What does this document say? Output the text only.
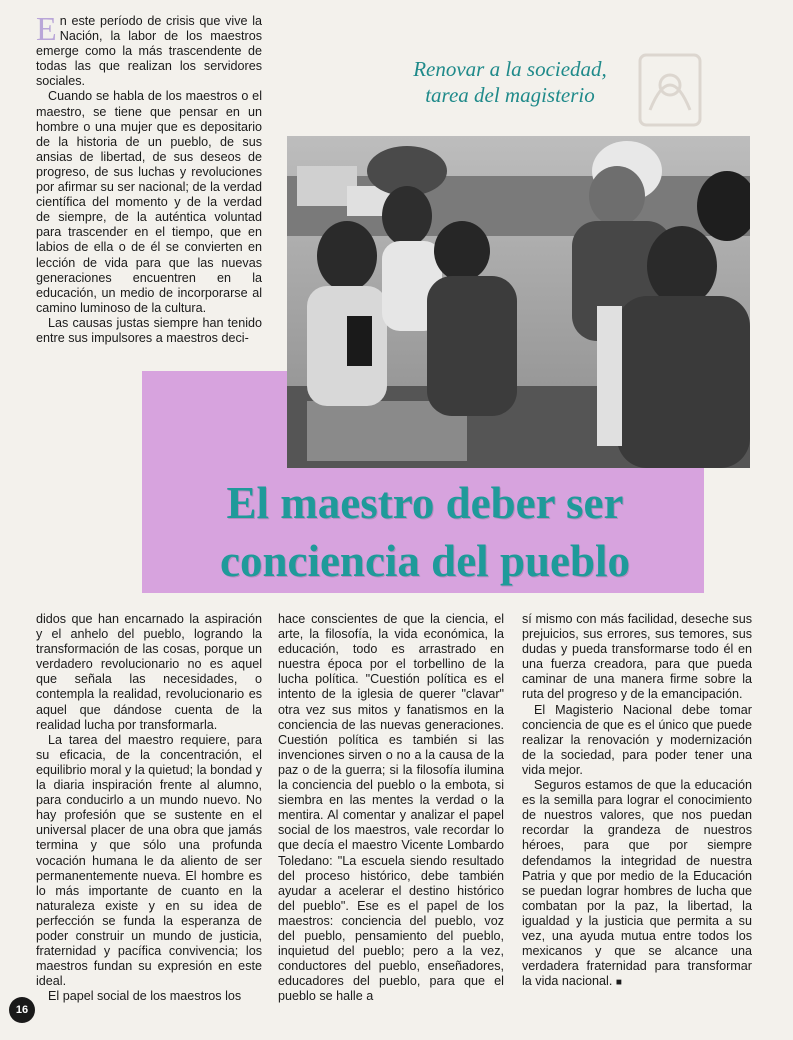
Renovar a la sociedad,
tarea del magisterio
El maestro deber ser
conciencia del pueblo

En este período de crisis que vive la Nación, la labor de los maestros emerge como la más trascendente de todas las que realizan los servidores sociales.

Cuando se habla de los maestros o el maestro, se tiene que pensar en un hombre o una mujer que es depositario de la historia de un pueblo, de sus ansias de libertad, de sus deseos de progreso, de sus luchas y revoluciones por afirmar su ser nacional; de la verdad científica del momento y de la verdad de siempre, de la auténtica voluntad para trascender en el tiempo, que en labios de ella o de él se convierten en lección de vida para que las nuevas generaciones encuentren en la educación, un medio de incorporarse al camino luminoso de la cultura.

Las causas justas siempre han tenido entre sus impulsores a maestros deci-

didos que han encarnado la aspiración y el anhelo del pueblo, logrando la transformación de las cosas, porque un verdadero revolucionario no es aquel que señala las necesidades, o contempla la realidad, revolucionario es aquel que dándose cuenta de la realidad lucha por transformarla.

La tarea del maestro requiere, para su eficacia, de la concentración, el equilibrio moral y la quietud; la bondad y la diaria inspiración frente al alumno, para conducirlo a un mundo nuevo. No hay profesión que se sustente en el universal placer de una obra que jamás termina y que sólo una profunda vocación humana le da aliento de ser permanentemente nueva. El hombre es lo más importante de cuanto en la naturaleza existe y en su idea de perfección se funda la esperanza de poder construir un mundo de justicia, fraternidad y pacífica convivencia; los maestros fundan su expresión en este ideal.

El papel social de los maestros los

hace conscientes de que la ciencia, el arte, la filosofía, la vida económica, la educación, todo es arrastrado en nuestra época por el torbellino de la lucha política. "Cuestión política es el intento de la iglesia de querer "clavar" otra vez sus mitos y fanatismos en la conciencia de las nuevas generaciones. Cuestión política es también si las invenciones sirven o no a la causa de la paz o de la guerra; si la filosofía ilumina la conciencia del pueblo o la embota, si siembra en las mentes la verdad o la mentira. Al comentar y analizar el papel social de los maestros, vale recordar lo que decía el maestro Vicente Lombardo Toledano: "La escuela siendo resultado del proceso histórico, debe también ayudar a acelerar el destino histórico del pueblo". Ese es el papel de los maestros: conciencia del pueblo, voz del pueblo, pensamiento del pueblo, inquietud del pueblo; pero a la vez, conductores del pueblo, enseñadores, educadores del pueblo, para que el pueblo se halle a

sí mismo con más facilidad, deseche sus prejuicios, sus errores, sus temores, sus dudas y pueda transformarse todo él en una fuerza creadora, para que pueda caminar de una manera firme sobre la ruta del progreso y de la emancipación.

El Magisterio Nacional debe tomar conciencia de que es el único que puede realizar la renovación y modernización de la sociedad, para poder tener una vida mejor.

Seguros estamos de que la educación es la semilla para lograr el conocimiento de nuestros valores, que nos puedan recordar la grandeza de nuestros héroes, para que por siempre defendamos la integridad de nuestra Patria y que por medio de la Educación se puedan lograr hombres de lucha que combatan por la paz, la libertad, la igualdad y la justicia que permita a su vez, una ayuda mutua entre todos los mexicanos y que se alcance una verdadera fraternidad para transformar la vida nacional. ■

16
